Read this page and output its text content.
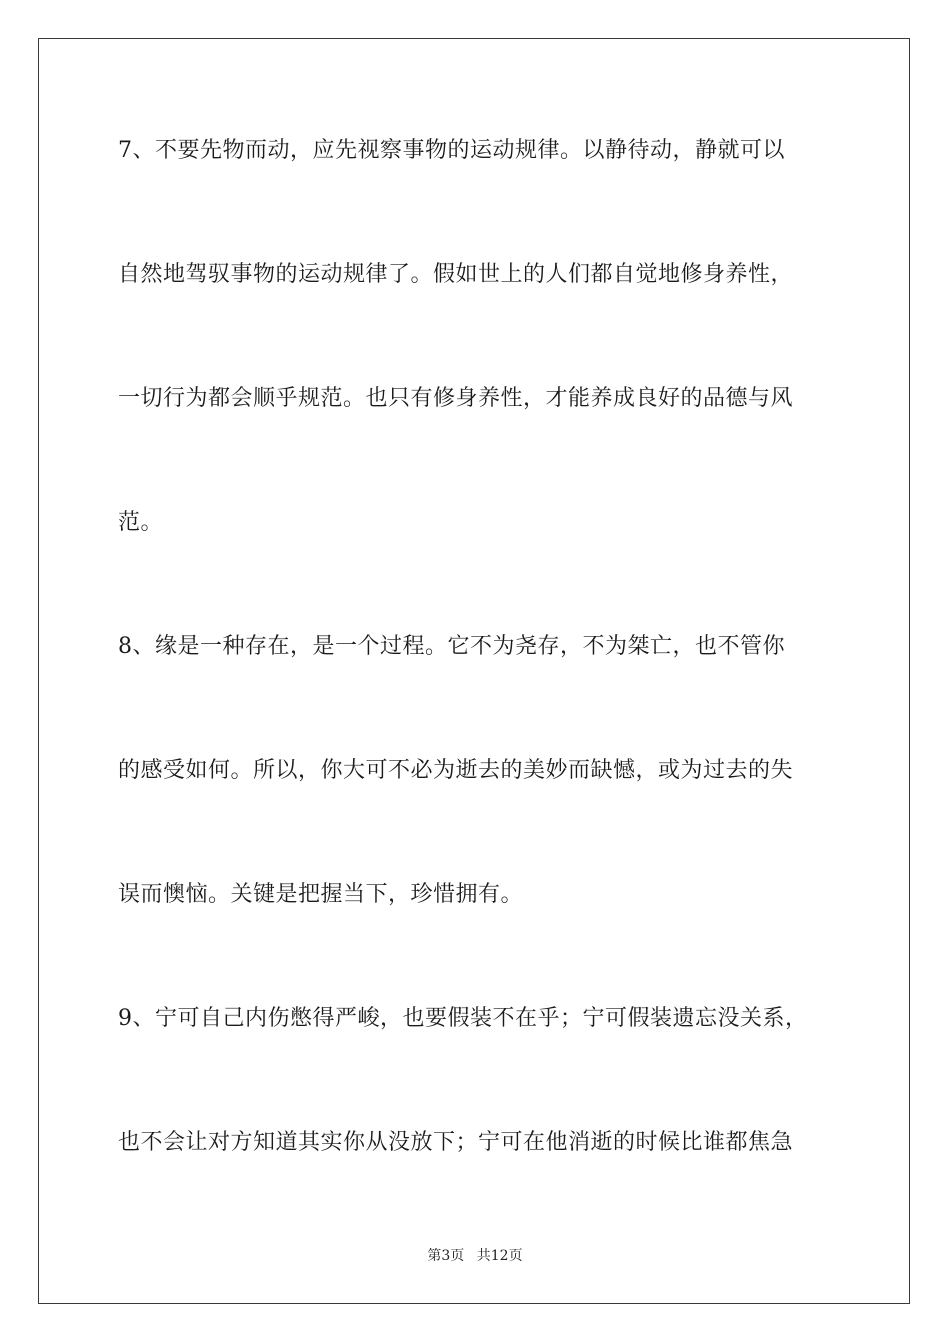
7、不要先物而动，应先视察事物的运动规律。以静待动，静就可以
自然地驾驭事物的运动规律了。假如世上的人们都自觉地修身养性，
一切行为都会顺乎规范。也只有修身养性，才能养成良好的品德与风
范。
8、缘是一种存在，是一个过程。它不为尧存，不为桀亡，也不管你
的感受如何。所以，你大可不必为逝去的美妙而缺憾，或为过去的失
误而懊恼。关键是把握当下，珍惜拥有。
9、宁可自己内伤憋得严峻，也要假装不在乎；宁可假装遗忘没关系，
也不会让对方知道其实你从没放下；宁可在他消逝的时候比谁都焦急
第3页 共12页
